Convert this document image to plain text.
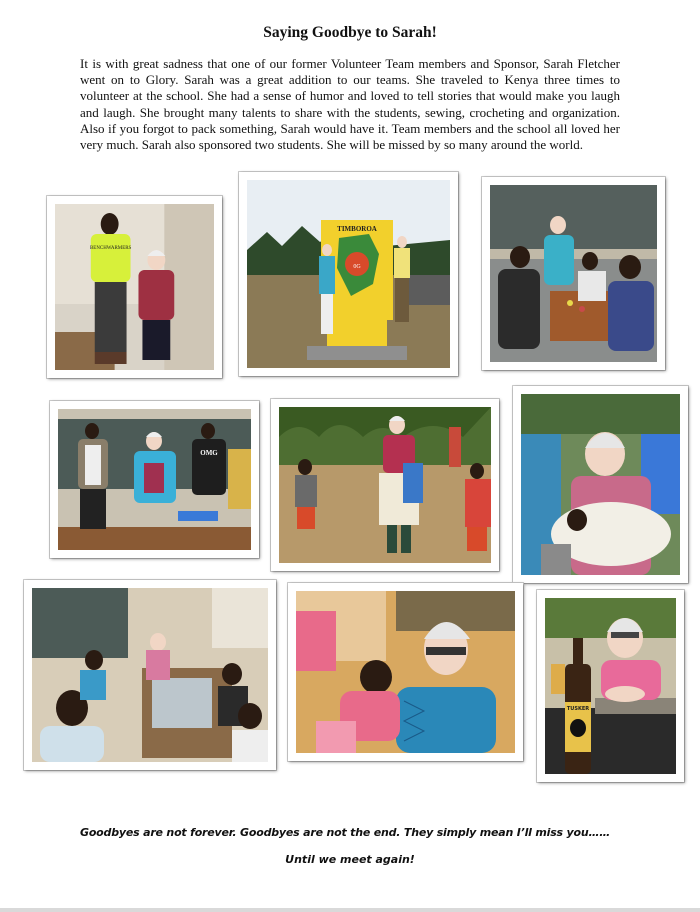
Saying Goodbye to Sarah!
It is with great sadness that one of our former Volunteer Team members and Sponsor, Sarah Fletcher went on to Glory. Sarah was a great addition to our teams. She traveled to Kenya three times to volunteer at the school. She had a sense of humor and loved to tell stories that would make you laugh and laugh. She brought many talents to share with the students, sewing, crocheting and organization. Also if you forgot to pack something, Sarah would have it. Team members and the school all loved her very much. Sarah also sponsored two students. She will be missed by so many around the world.
BENCHWARMERS
TIMBOROA
0G
OMG
TUSKER
Goodbyes are not forever. Goodbyes are not the end. They simply mean I’ll miss you……
Until we meet again!
